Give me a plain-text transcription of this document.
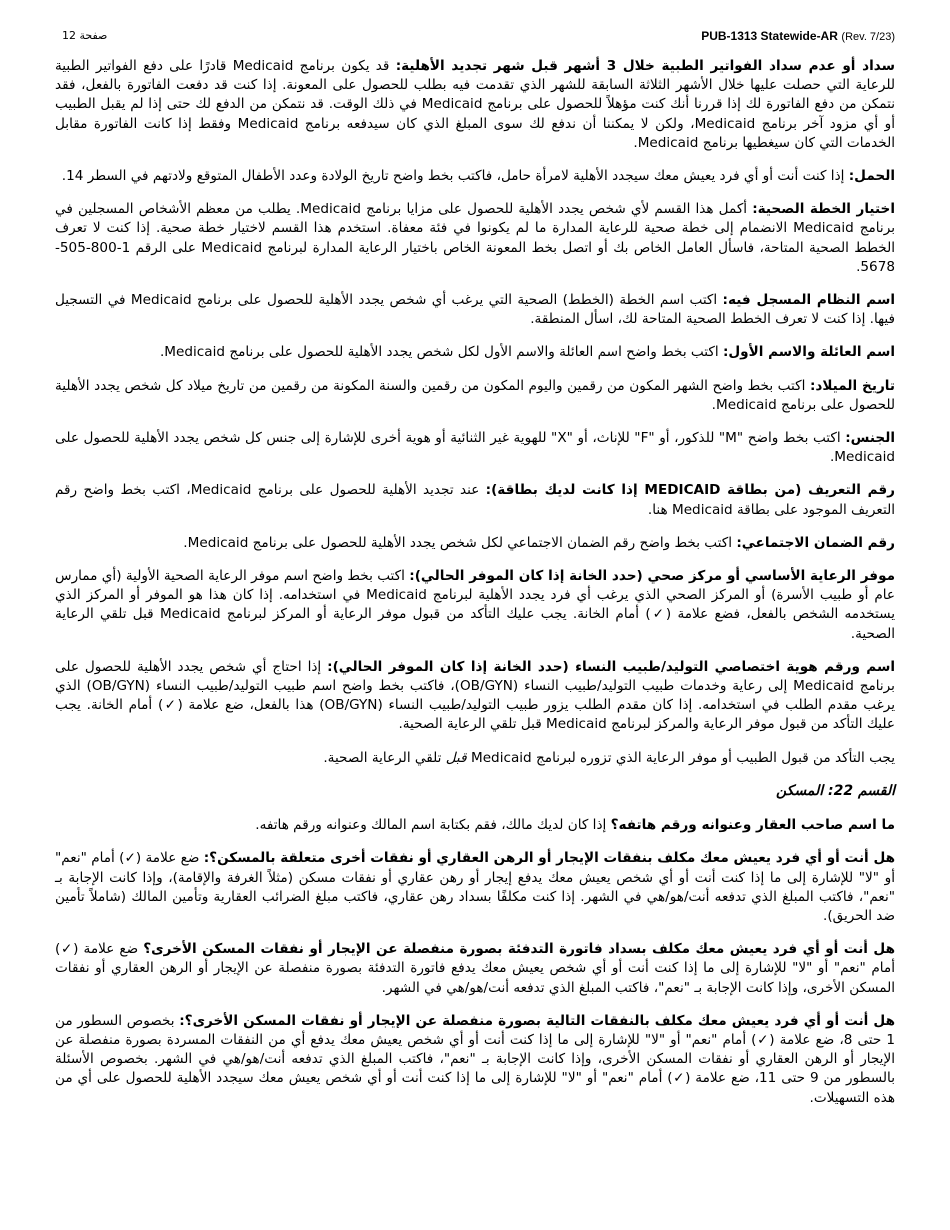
صفحة 12	PUB-1313 Statewide-AR (Rev. 7/23)

سداد أو عدم سداد الفواتير الطبية خلال 3 أشهر قبل شهر تجديد الأهلية: قد يكون برنامج Medicaid قادرًا على دفع الفواتير الطبية للرعاية التي حصلت عليها خلال الأشهر الثلاثة السابقة للشهر الذي تقدمت فيه بطلب للحصول على المعونة. إذا كنت قد دفعت الفاتورة بالفعل، فقد نتمكن من دفع الفاتورة لك إذا قررنا أنك كنت مؤهلاً للحصول على برنامج Medicaid في ذلك الوقت. قد نتمكن من الدفع لك حتى إذا لم يقبل الطبيب أو أي مزود آخر برنامج Medicaid، ولكن لا يمكننا أن ندفع لك سوى المبلغ الذي كان سيدفعه برنامج Medicaid وفقط إذا كانت الفاتورة مقابل الخدمات التي كان سيغطيها برنامج Medicaid.

الحمل: إذا كنت أنت أو أي فرد يعيش معك سيجدد الأهلية لامرأة حامل، فاكتب بخط واضح تاريخ الولادة وعدد الأطفال المتوقع ولادتهم في السطر 14.

اختيار الخطة الصحية: أكمل هذا القسم لأي شخص يجدد الأهلية للحصول على مزايا برنامج Medicaid. يطلب من معظم الأشخاص المسجلين في برنامج Medicaid الانضمام إلى خطة صحية للرعاية المدارة ما لم يكونوا في فئة معفاة. استخدم هذا القسم لاختيار خطة صحية. إذا كنت لا تعرف الخطط الصحية المتاحة، فاسأل العامل الخاص بك أو اتصل بخط المعونة الخاص باختيار الرعاية المدارة لبرنامج Medicaid على الرقم 1-800-505-5678.

اسم النظام المسجل فيه: اكتب اسم الخطة (الخطط) الصحية التي يرغب أي شخص يجدد الأهلية للحصول على برنامج Medicaid في التسجيل فيها. إذا كنت لا تعرف الخطط الصحية المتاحة لك، اسأل المنطقة.

اسم العائلة والاسم الأول: اكتب بخط واضح اسم العائلة والاسم الأول لكل شخص يجدد الأهلية للحصول على برنامج Medicaid.

تاريخ الميلاد: اكتب بخط واضح الشهر المكون من رقمين واليوم المكون من رقمين والسنة المكونة من رقمين من تاريخ ميلاد كل شخص يجدد الأهلية للحصول على برنامج Medicaid.

الجنس: اكتب بخط واضح "M" للذكور، أو "F" للإناث، أو "X" للهوية غير الثنائية أو هوية أخرى للإشارة إلى جنس كل شخص يجدد الأهلية للحصول على Medicaid.

رقم التعريف (من بطاقة MEDICAID إذا كانت لديك بطاقة): عند تجديد الأهلية للحصول على برنامج Medicaid، اكتب بخط واضح رقم التعريف الموجود على بطاقة Medicaid هنا.

رقم الضمان الاجتماعي: اكتب بخط واضح رقم الضمان الاجتماعي لكل شخص يجدد الأهلية للحصول على برنامج Medicaid.

موفر الرعاية الأساسي أو مركز صحي (حدد الخانة إذا كان الموفر الحالي): اكتب بخط واضح اسم موفر الرعاية الصحية الأولية (أي ممارس عام أو طبيب الأسرة) أو المركز الصحي الذي يرغب أي فرد يجدد الأهلية لبرنامج Medicaid في استخدامه. إذا كان هذا هو الموفر أو المركز الذي يستخدمه الشخص بالفعل، فضع علامة (✓) أمام الخانة. يجب عليك التأكد من قبول موفر الرعاية أو المركز لبرنامج Medicaid قبل تلقي الرعاية الصحية.

اسم ورقم هوية اختصاصي التوليد/طبيب النساء (حدد الخانة إذا كان الموفر الحالي): إذا احتاج أي شخص يجدد الأهلية للحصول على برنامج Medicaid إلى رعاية وخدمات طبيب التوليد/طبيب النساء (OB/GYN)، فاكتب بخط واضح اسم طبيب التوليد/طبيب النساء (OB/GYN) الذي يرغب مقدم الطلب في استخدامه. إذا كان مقدم الطلب يزور طبيب التوليد/طبيب النساء (OB/GYN) هذا بالفعل، ضع علامة (✓) أمام الخانة. يجب عليك التأكد من قبول موفر الرعاية والمركز لبرنامج Medicaid قبل تلقي الرعاية الصحية.

يجب التأكد من قبول الطبيب أو موفر الرعاية الذي تزوره لبرنامج Medicaid قبل تلقي الرعاية الصحية.

القسم 22: المسكن

ما اسم صاحب العقار وعنوانه ورقم هاتفه؟ إذا كان لديك مالك، فقم بكتابة اسم المالك وعنوانه ورقم هاتفه.

هل أنت أو أي فرد يعيش معك مكلف بنفقات الإيجار أو الرهن العقاري أو نفقات أخرى متعلقة بالمسكن؟: ضع علامة (✓) أمام "نعم" أو "لا" للإشارة إلى ما إذا كنت أنت أو أي شخص يعيش معك يدفع إيجار أو رهن عقاري أو نفقات مسكن (مثلاً الغرفة والإقامة)، وإذا كانت الإجابة بـ "نعم"، فاكتب المبلغ الذي تدفعه أنت/هو/هي في الشهر. إذا كنت مكلفًا بسداد رهن عقاري، فاكتب مبلغ الضرائب العقارية وتأمين المالك (شاملاً تأمين ضد الحريق).

هل أنت أو أي فرد يعيش معك مكلف بسداد فاتورة التدفئة بصورة منفصلة عن الإيجار أو نفقات المسكن الأخرى؟ ضع علامة (✓) أمام "نعم" أو "لا" للإشارة إلى ما إذا كنت أنت أو أي شخص يعيش معك يدفع فاتورة التدفئة بصورة منفصلة عن الإيجار أو الرهن العقاري أو نفقات المسكن الأخرى، وإذا كانت الإجابة بـ "نعم"، فاكتب المبلغ الذي تدفعه أنت/هو/هي في الشهر.

هل أنت أو أي فرد يعيش معك مكلف بالنفقات التالية بصورة منفصلة عن الإيجار أو نفقات المسكن الأخرى؟: بخصوص السطور من 1 حتى 8، ضع علامة (✓) أمام "نعم" أو "لا" للإشارة إلى ما إذا كنت أنت أو أي شخص يعيش معك يدفع أي من النفقات المسردة بصورة منفصلة عن الإيجار أو الرهن العقاري أو نفقات المسكن الأخرى، وإذا كانت الإجابة بـ "نعم"، فاكتب المبلغ الذي تدفعه أنت/هو/هي في الشهر. بخصوص الأسئلة بالسطور من 9 حتى 11، ضع علامة (✓) أمام "نعم" أو "لا" للإشارة إلى ما إذا كنت أنت أو أي شخص يعيش معك سيجدد الأهلية للحصول على أي من هذه التسهيلات.
